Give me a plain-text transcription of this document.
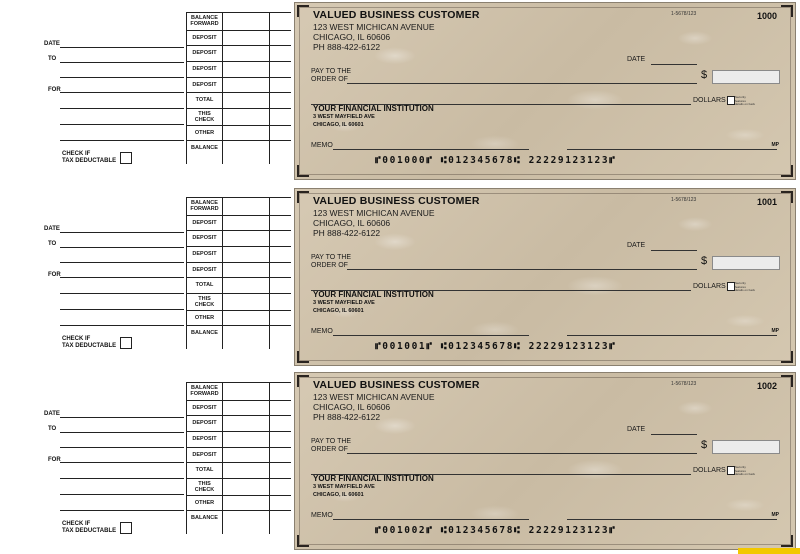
DATE
TO
FOR
CHECK IF
TAX DEDUCTABLE
BALANCE FORWARD
DEPOSIT
DEPOSIT
DEPOSIT
DEPOSIT
TOTAL
THIS CHECK
OTHER
BALANCE
VALUED BUSINESS CUSTOMER
123 WEST MICHICAN AVENUE
CHICAGO, IL 60606
PH 888-422-6122
1-5678/123	1000
DATE
PAY TO THE
ORDER OF	$
DOLLARS	Security features details on back
YOUR FINANCIAL INSTITUTION
3 WEST MAYFIELD AVE
CHICAGO, IL 60601
MEMO	MP
⑈001000⑈ ⑆012345678⑆ 22229123123⑈
DATE
TO
FOR
CHECK IF
TAX DEDUCTABLE
BALANCE FORWARD
DEPOSIT
DEPOSIT
DEPOSIT
DEPOSIT
TOTAL
THIS CHECK
OTHER
BALANCE
VALUED BUSINESS CUSTOMER
123 WEST MICHICAN AVENUE
CHICAGO, IL 60606
PH 888-422-6122
1-5678/123	1001
DATE
PAY TO THE
ORDER OF	$
DOLLARS	Security features details on back
YOUR FINANCIAL INSTITUTION
3 WEST MAYFIELD AVE
CHICAGO, IL 60601
MEMO	MP
⑈001001⑈ ⑆012345678⑆ 22229123123⑈
DATE
TO
FOR
CHECK IF
TAX DEDUCTABLE
BALANCE FORWARD
DEPOSIT
DEPOSIT
DEPOSIT
DEPOSIT
TOTAL
THIS CHECK
OTHER
BALANCE
VALUED BUSINESS CUSTOMER
123 WEST MICHICAN AVENUE
CHICAGO, IL 60606
PH 888-422-6122
1-5678/123	1002
DATE
PAY TO THE
ORDER OF	$
DOLLARS	Security features details on back
YOUR FINANCIAL INSTITUTION
3 WEST MAYFIELD AVE
CHICAGO, IL 60601
MEMO	MP
⑈001002⑈ ⑆012345678⑆ 22229123123⑈
